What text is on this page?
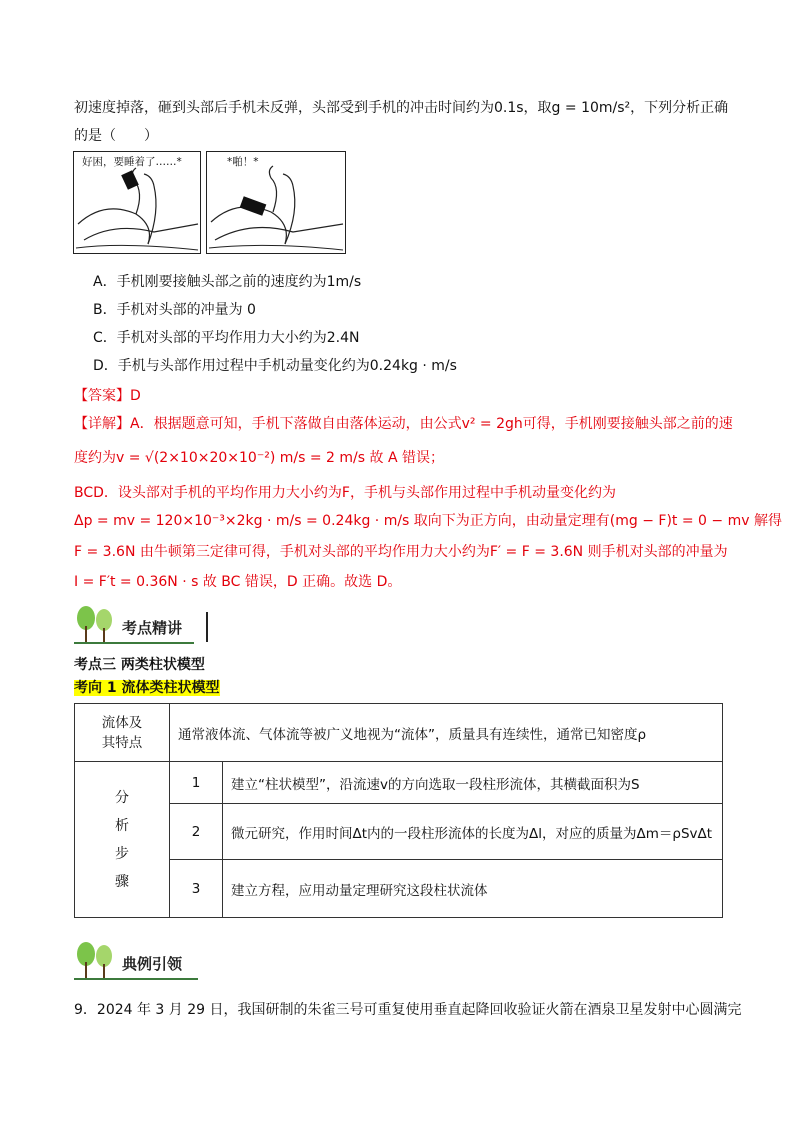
初速度掉落，砸到头部后手机未反弹，头部受到手机的冲击时间约为0.1s，取g = 10m/s²，下列分析正确
的是（　　）
好困，要睡着了……*	*啪！*
A．手机刚要接触头部之前的速度约为1m/s
B．手机对头部的冲量为 0
C．手机对头部的平均作用力大小约为2.4N
D．手机与头部作用过程中手机动量变化约为0.24kg · m/s
【答案】D
【详解】A．根据题意可知，手机下落做自由落体运动，由公式v² = 2gh可得，手机刚要接触头部之前的速
度约为v = √(2×10×20×10⁻²) m/s = 2 m/s 故 A 错误；
BCD．设头部对手机的平均作用力大小约为F，手机与头部作用过程中手机动量变化约为
Δp = mv = 120×10⁻³×2kg · m/s = 0.24kg · m/s 取向下为正方向，由动量定理有(mg − F)t = 0 − mv 解得
F = 3.6N 由牛顿第三定律可得，手机对头部的平均作用力大小约为F′ = F = 3.6N 则手机对头部的冲量为
I = F′t = 0.36N · s 故 BC 错误，D 正确。故选 D。
考点精讲
考点三 两类柱状模型
考向 1 流体类柱状模型
流体及其特点	通常液体流、气体流等被广义地视为“流体”，质量具有连续性，通常已知密度ρ	

分析步骤	1	建立“柱状模型”，沿流速v的方向选取一段柱形流体，其横截面积为S
	2	微元研究，作用时间Δt内的一段柱形流体的长度为Δl，对应的质量为Δm＝ρSvΔt
	3	建立方程，应用动量定理研究这段柱状流体
典例引领
9．2024 年 3 月 29 日，我国研制的朱雀三号可重复使用垂直起降回收验证火箭在酒泉卫星发射中心圆满完
